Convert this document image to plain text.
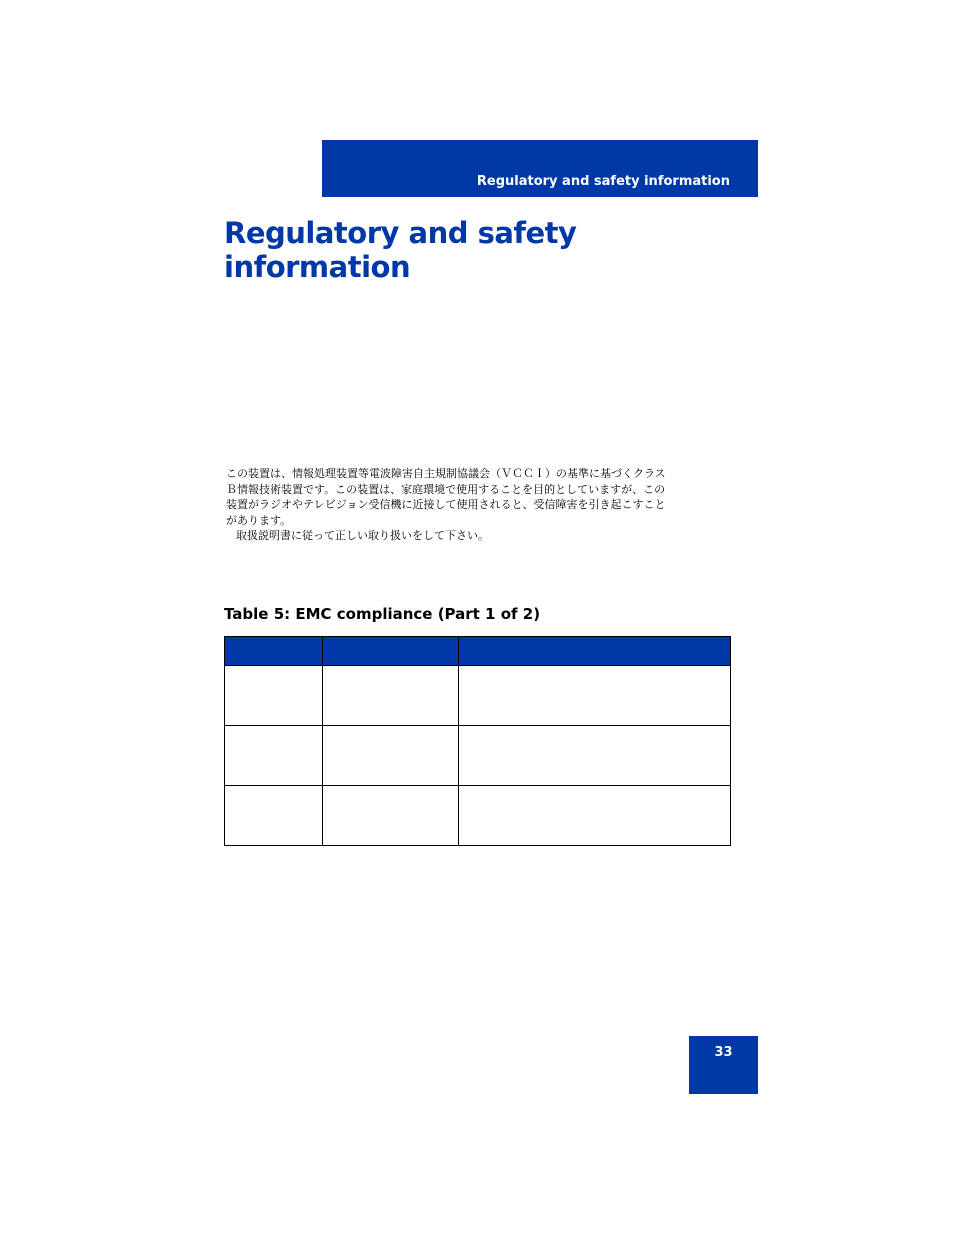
Regulatory and safety information
Regulatory and safety information
この装置は、情報処理装置等電波障害自主規制協議会（ＶＣＣＩ）の基準に基づくクラス
Ｂ情報技術装置です。この装置は、家庭環境で使用することを目的としていますが、この
装置がラジオやテレビジョン受信機に近接して使用されると、受信障害を引き起こすこと
があります。
取扱説明書に従って正しい取り扱いをして下さい。
Table 5: EMC compliance (Part 1 of 2)

33
